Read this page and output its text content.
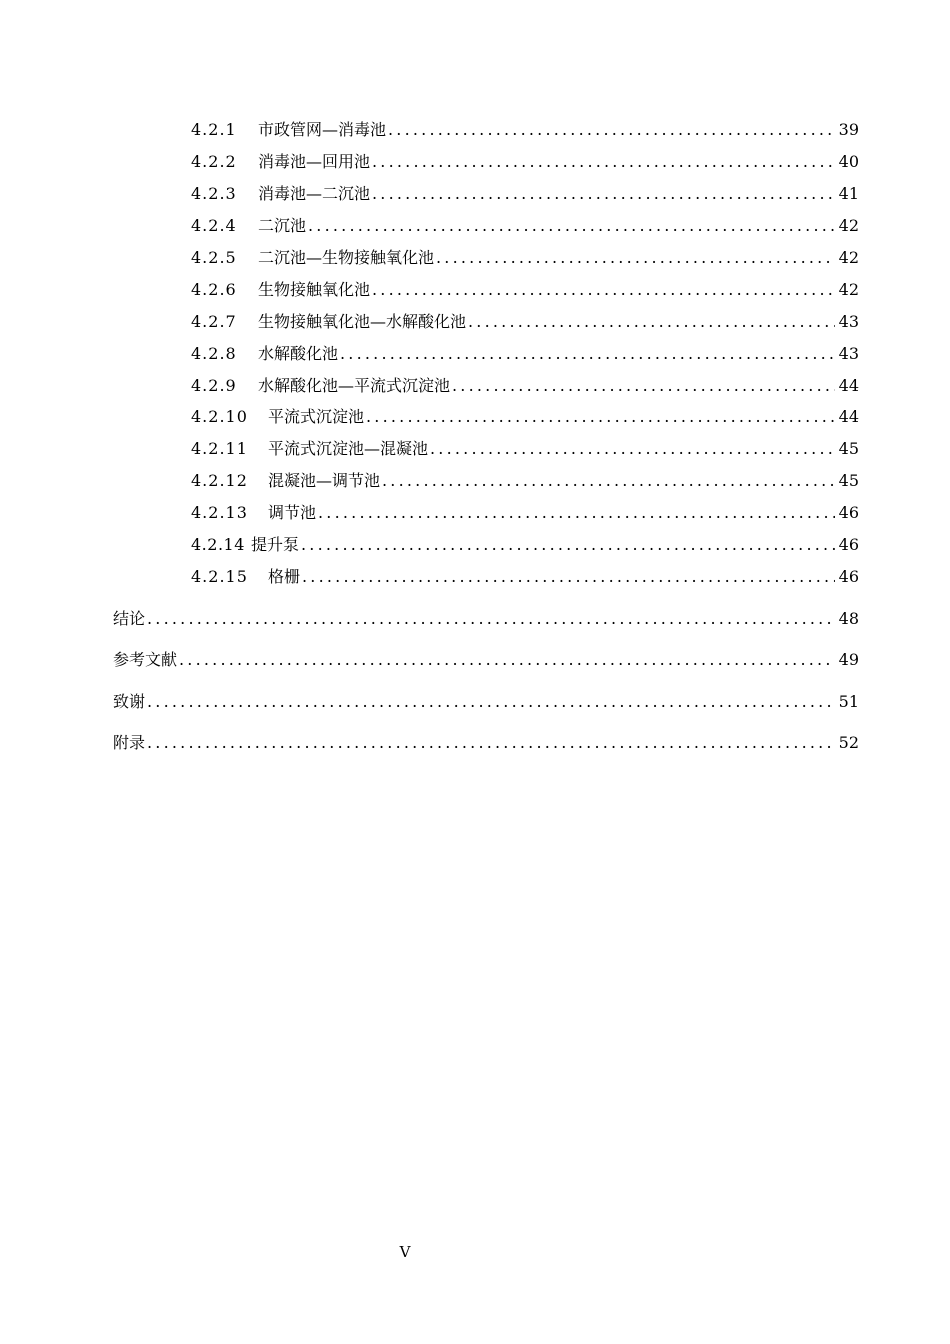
4.2.1	市政管网—消毒池 .....	39
4.2.2	消毒池—回用池 .....	40
4.2.3	消毒池—二沉池 .....	41
4.2.4	二沉池 .....	42
4.2.5	二沉池—生物接触氧化池 .....	42
4.2.6	生物接触氧化池 .....	42
4.2.7	生物接触氧化池—水解酸化池 .....	43
4.2.8	水解酸化池 .....	43
4.2.9	水解酸化池—平流式沉淀池 .....	44
4.2.10	平流式沉淀池 .....	44
4.2.11	平流式沉淀池—混凝池 .....	45
4.2.12	混凝池—调节池 .....	45
4.2.13	调节池 .....	46
4.2.14 提升泵 .....	46
4.2.15	格栅 .....	46
结论 .....	48
参考文献 .....	49
致谢 .....	51
附录 .....	52
V
